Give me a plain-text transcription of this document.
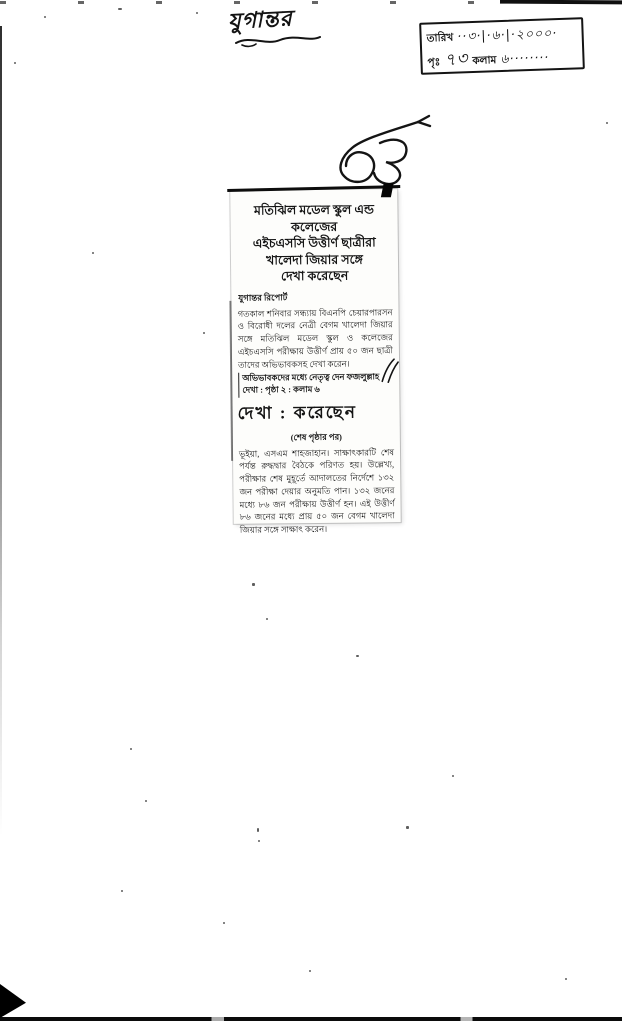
যুগান্তর
তারিখ ··৩·|·৬·|·২০০০·
পৃঃ ৭৩ কলাম ৬········
মতিঝিল মডেল স্কুল এন্ড কলেজের
এইচএসসি উত্তীর্ণ ছাত্রীরা
খালেদা জিয়ার সঙ্গে
দেখা করেছেন
যুগান্তর রিপোর্ট

গতকাল শনিবার সন্ধ্যায় বিএনপি চেয়ারপারসন ও বিরোধী দলের নেত্রী বেগম খালেদা জিয়ার সঙ্গে মতিঝিল মডেল স্কুল ও কলেজের এইচএসসি পরীক্ষায় উত্তীর্ণ প্রায় ৫০ জন ছাত্রী তাদের অভিভাবকসহ দেখা করেন।

অভিভাবকদের মধ্যে নেতৃত্ব দেন ফজলুল্লাহ
দেখা : পৃষ্ঠা ২ : কলাম ৬
দেখা : করেছেন
(শেষ পৃষ্ঠার পর)

ভূইয়া, এসএম শাহজাহান। সাক্ষাৎকারটি শেষ পর্যন্ত রুদ্ধদ্বার বৈঠকে পরিণত হয়। উল্লেখ্য, পরীক্ষার শেষ মুহূর্তে আদালতের নির্দেশে ১৩২ জন পরীক্ষা দেয়ার অনুমতি পান। ১৩২ জনের মধ্যে ৮৬ জন পরীক্ষায় উত্তীর্ণ হন। এই উত্তীর্ণ ৮৬ জনের মধ্যে প্রায় ৫০ জন বেগম খালেদা জিয়ার সঙ্গে সাক্ষাৎ করেন।
